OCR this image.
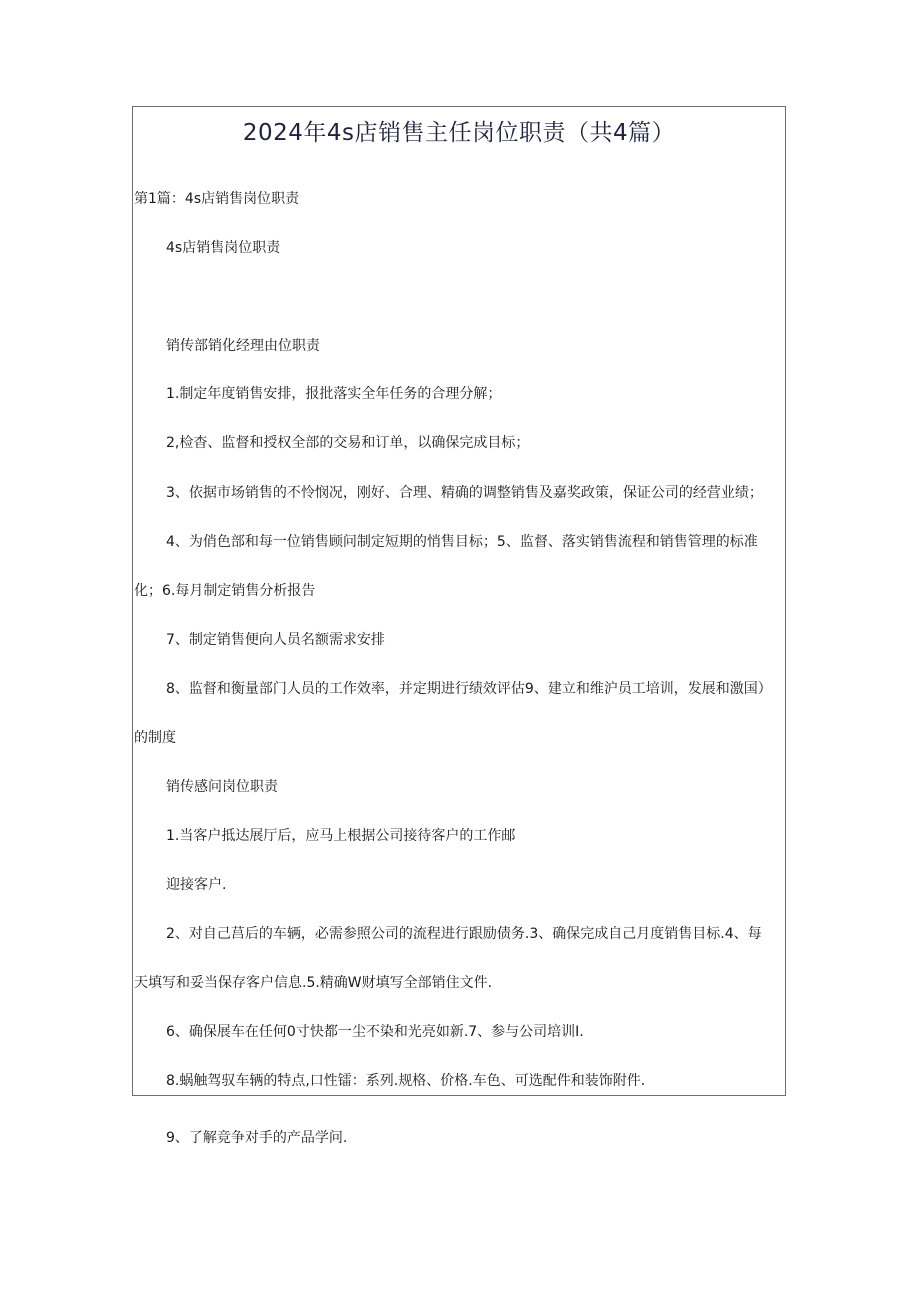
2024年4s店销售主任岗位职责（共4篇）
第1篇：4s店销售岗位职责
4s店销售岗位职责
销传部销化经理由位职责
1.制定年度销售安排，报批落实全年任务的合理分解；
2,检杳、监督和授权全部的交易和订单，以确保完成目标；
3、依据市场销售的不怜悯况，刚好、合理、精确的调整销售及嘉奖政策，保证公司的经营业绩；
4、为俏色部和每一位销售顾问制定短期的悄售目标；5、监督、落实销售流程和销售管理的标准
化；6.每月制定销售分析报告
7、制定销售便向人员名额需求安排
8、监督和衡量部门人员的工作效率，并定期进行绩效评估9、建立和维沪员工培训，发展和激国）
的制度
销传感问岗位职责
1.当客户抵达展厅后，应马上根据公司接待客户的工作邮
迎接客户.
2、对自己莒后的车辆，必需参照公司的流程进行跟励债务.3、确保完成自己月度销售目标.4、每
天填写和妥当保存客户信息.5.精确W财填写全部销住文件.
6、确保展车在任何0寸快都一尘不染和光亮如新.7、参与公司培训I.
8.蜗触驾驭车辆的特点,口性镭：系列.规格、价格.车色、可选配件和装饰附件.
9、了解竞争对手的产品学问.
